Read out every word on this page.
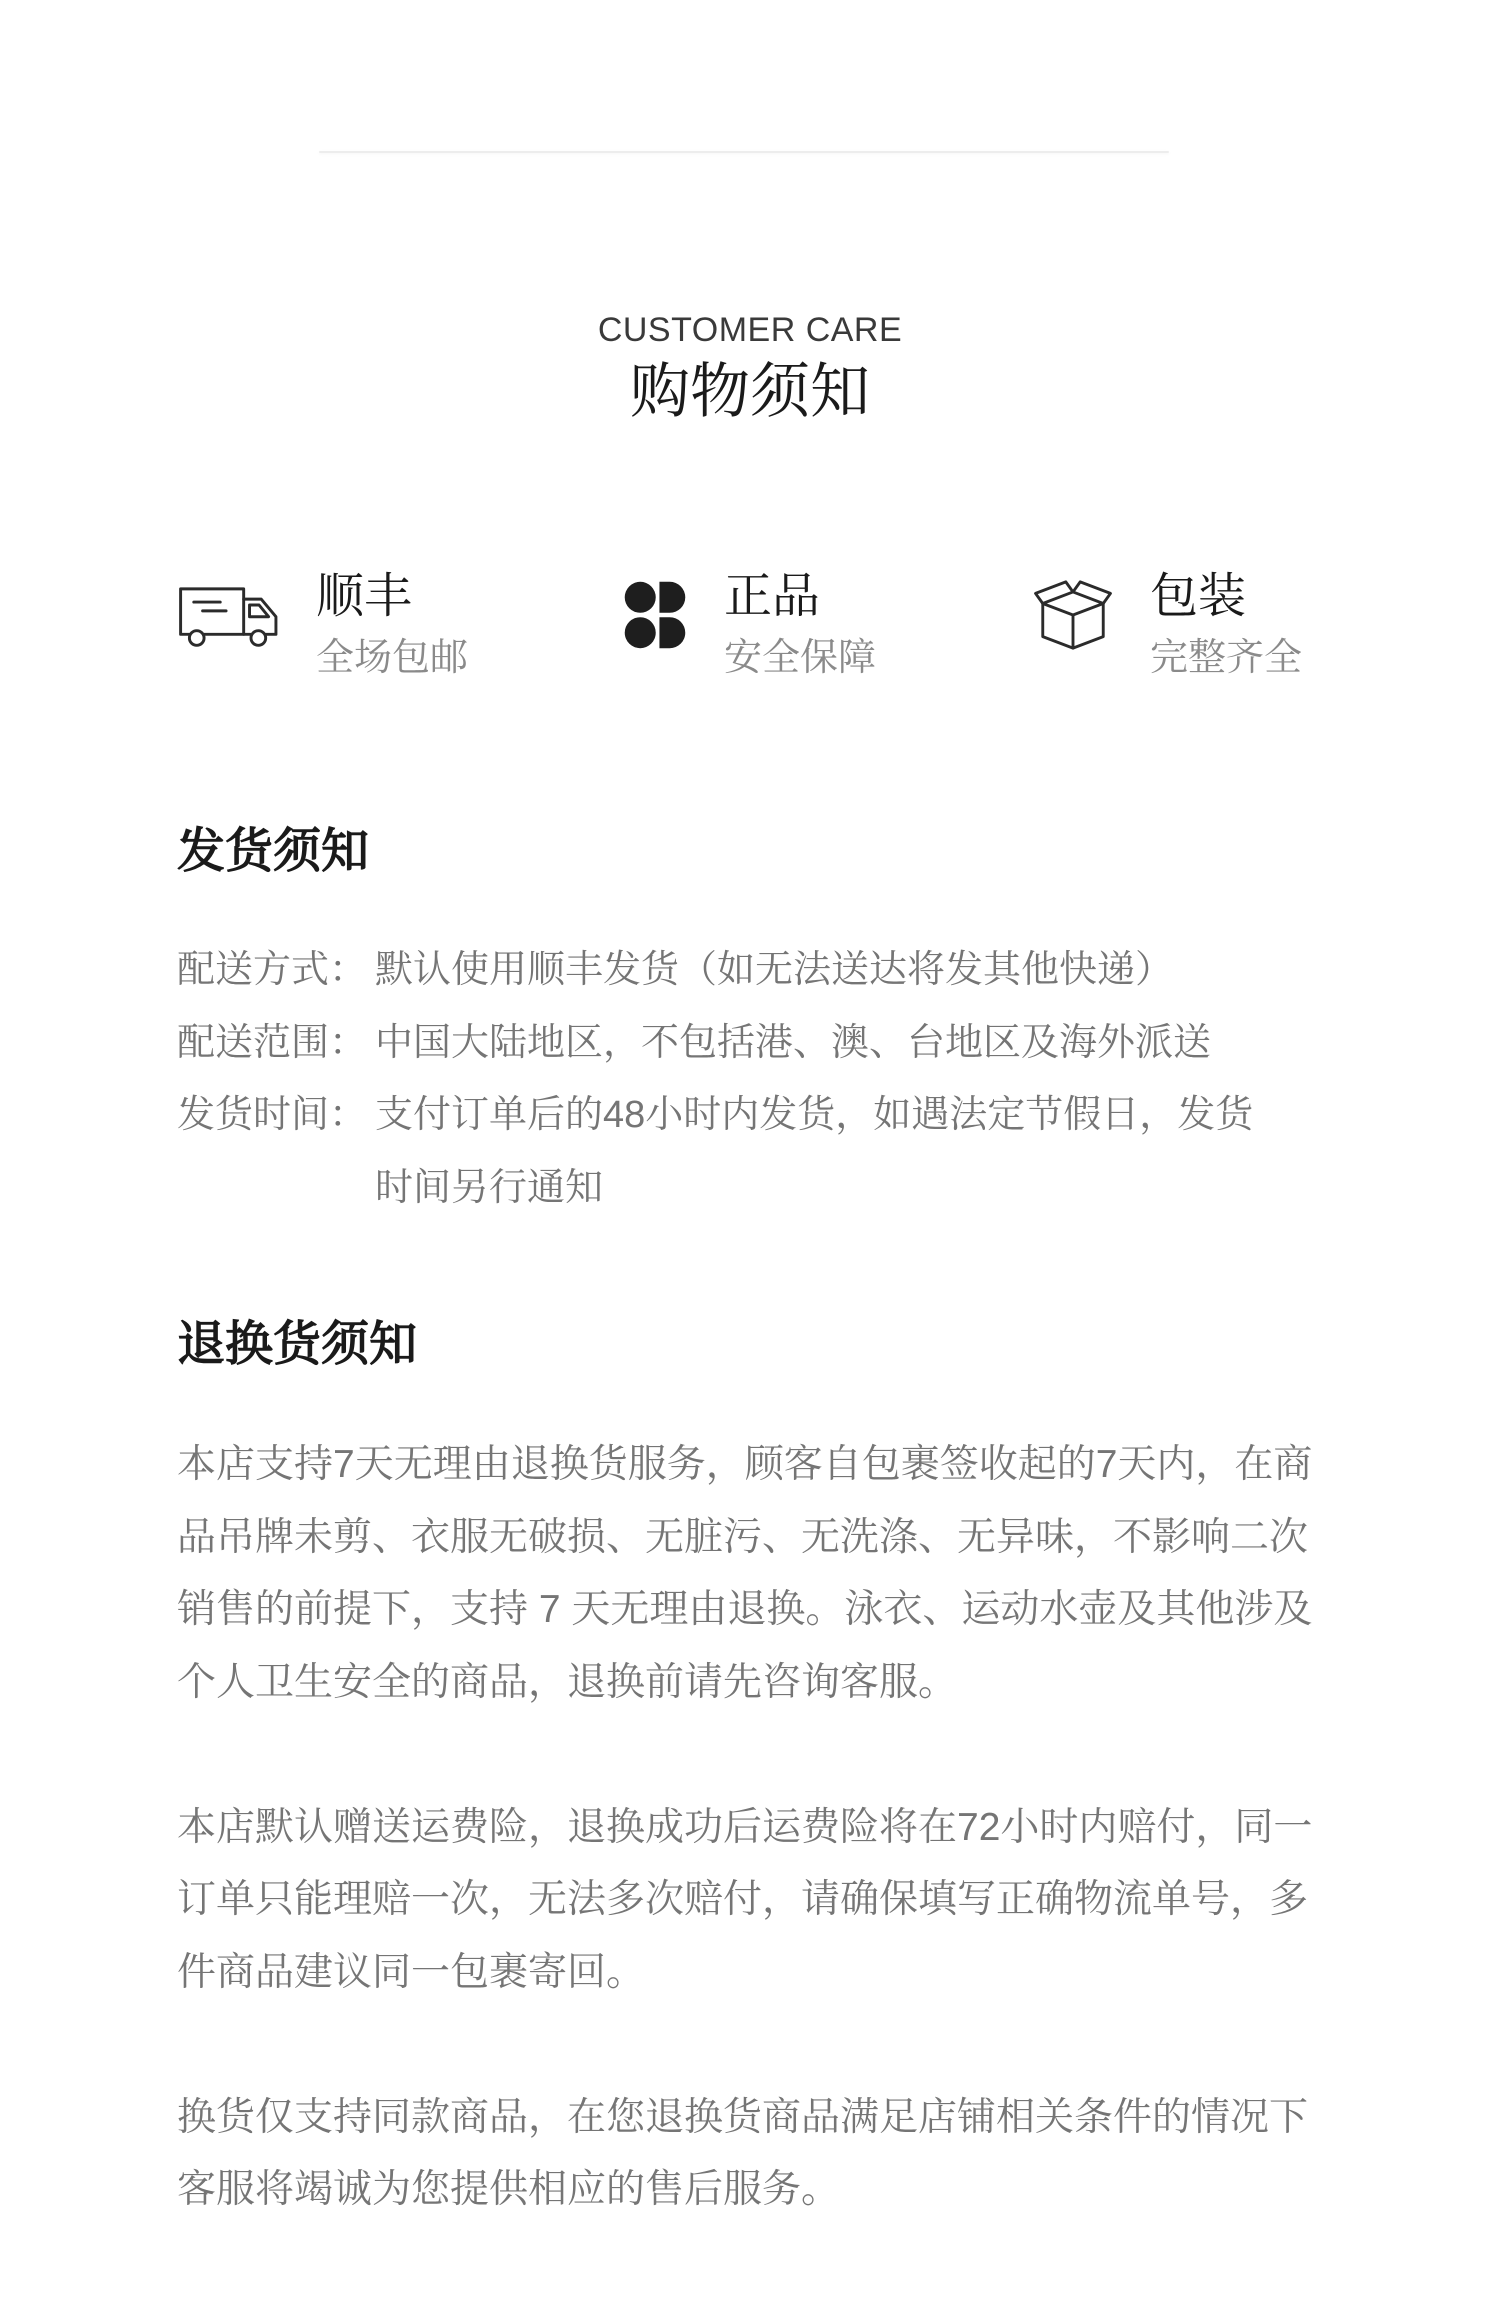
CUSTOMER CARE
购物须知
顺丰
全场包邮
正品
安全保障
包装
完整齐全
发货须知
配送方式： 默认使用顺丰发货（如无法送达将发其他快递）
配送范围： 中国大陆地区，不包括港、澳、台地区及海外派送
发货时间： 支付订单后的48小时内发货，如遇法定节假日，发货
时间另行通知
退换货须知
本店支持7天无理由退换货服务，顾客自包裹签收起的7天内，在商
品吊牌未剪、衣服无破损、无脏污、无洗涤、无异味，不影响二次
销售的前提下，支持 7 天无理由退换。泳衣、运动水壶及其他涉及
个人卫生安全的商品，退换前请先咨询客服。
本店默认赠送运费险，退换成功后运费险将在72小时内赔付，同一
订单只能理赔一次，无法多次赔付，请确保填写正确物流单号，多
件商品建议同一包裹寄回。
换货仅支持同款商品，在您退换货商品满足店铺相关条件的情况下
客服将竭诚为您提供相应的售后服务。
